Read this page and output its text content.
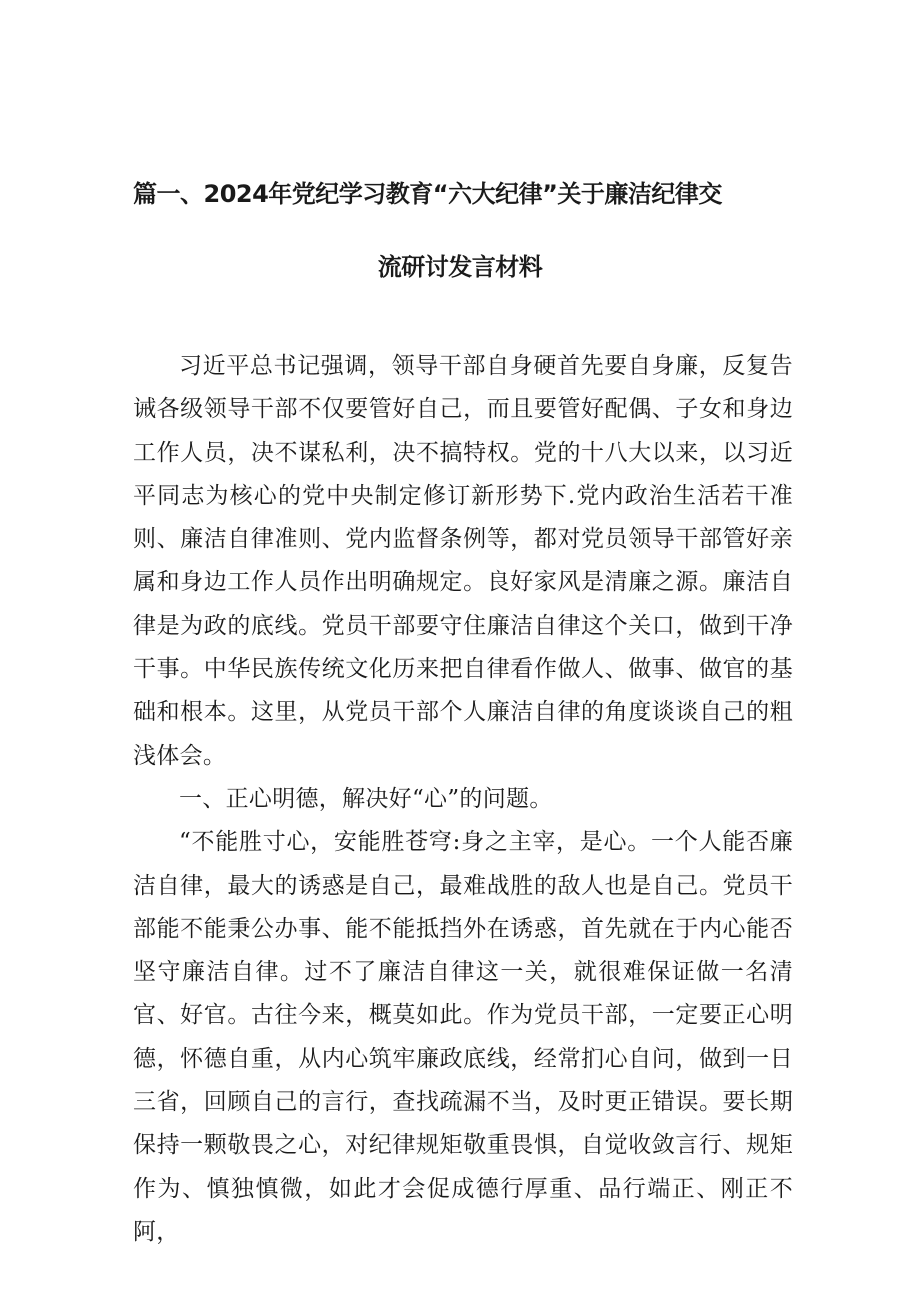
篇一、2024年党纪学习教育“六大纪律”关于廉洁纪律交
流研讨发言材料

习近平总书记强调，领导干部自身硬首先要自身廉，反复告诫各级领导干部不仅要管好自己，而且要管好配偶、子女和身边工作人员，决不谋私利，决不搞特权。党的十八大以来，以习近平同志为核心的党中央制定修订新形势下.党内政治生活若干准则、廉洁自律准则、党内监督条例等，都对党员领导干部管好亲属和身边工作人员作出明确规定。良好家风是清廉之源。廉洁自律是为政的底线。党员干部要守住廉洁自律这个关口，做到干净干事。中华民族传统文化历来把自律看作做人、做事、做官的基础和根本。这里，从党员干部个人廉洁自律的角度谈谈自己的粗浅体会。

一、正心明德，解决好“心”的问题。

“不能胜寸心，安能胜苍穹:身之主宰，是心。一个人能否廉洁自律，最大的诱惑是自己，最难战胜的敌人也是自己。党员干部能不能秉公办事、能不能抵挡外在诱惑，首先就在于内心能否坚守廉洁自律。过不了廉洁自律这一关，就很难保证做一名清官、好官。古往今来，概莫如此。作为党员干部，一定要正心明德，怀德自重，从内心筑牢廉政底线，经常扪心自问，做到一日三省，回顾自己的言行，查找疏漏不当，及时更正错误。要长期保持一颗敬畏之心，对纪律规矩敬重畏惧，自觉收敛言行、规矩作为、慎独慎微，如此才会促成德行厚重、品行端正、刚正不阿，
